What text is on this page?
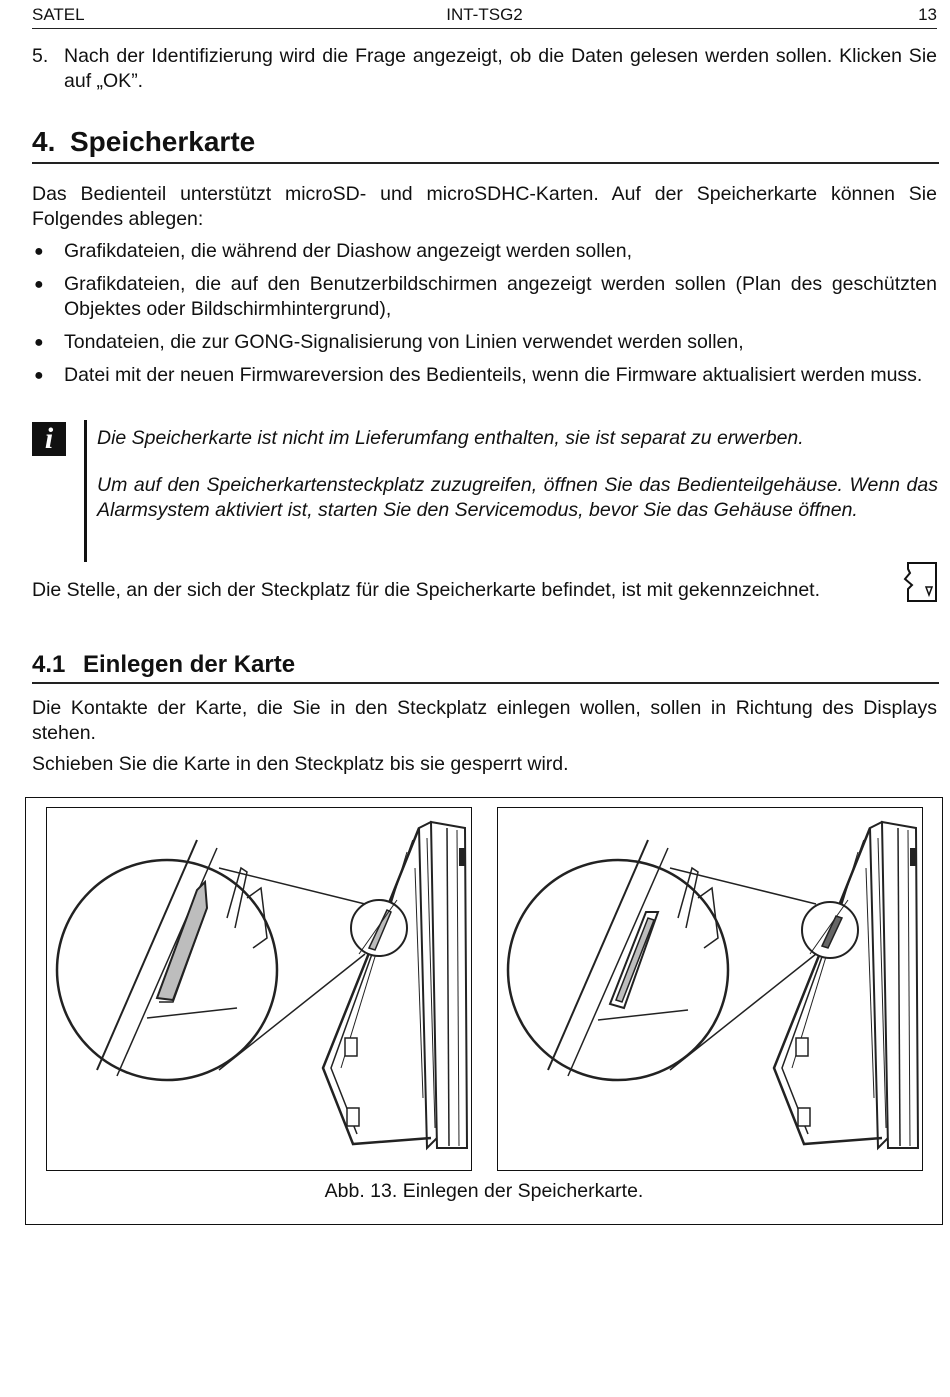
SATEL	INT-TSG2	13
5. Nach der Identifizierung wird die Frage angezeigt, ob die Daten gelesen werden sollen. Klicken Sie auf „OK”.
4. Speicherkarte
Das Bedienteil unterstützt microSD- und microSDHC-Karten. Auf der Speicherkarte können Sie Folgendes ablegen:
● Grafikdateien, die während der Diashow angezeigt werden sollen,
● Grafikdateien, die auf den Benutzerbildschirmen angezeigt werden sollen (Plan des geschützten Objektes oder Bildschirmhintergrund),
● Tondateien, die zur GONG-Signalisierung von Linien verwendet werden sollen,
● Datei mit der neuen Firmwareversion des Bedienteils, wenn die Firmware aktualisiert werden muss.
i	Die Speicherkarte ist nicht im Lieferumfang enthalten, sie ist separat zu erwerben.

Um auf den Speicherkartensteckplatz zuzugreifen, öffnen Sie das Bedienteilgehäuse. Wenn das Alarmsystem aktiviert ist, starten Sie den Servicemodus, bevor Sie das Gehäuse öffnen.

Die Stelle, an der sich der Steckplatz für die Speicherkarte befindet, ist mit gekennzeichnet.
4.1 Einlegen der Karte
Die Kontakte der Karte, die Sie in den Steckplatz einlegen wollen, sollen in Richtung des Displays stehen.
Schieben Sie die Karte in den Steckplatz bis sie gesperrt wird.
Abb. 13. Einlegen der Speicherkarte.
